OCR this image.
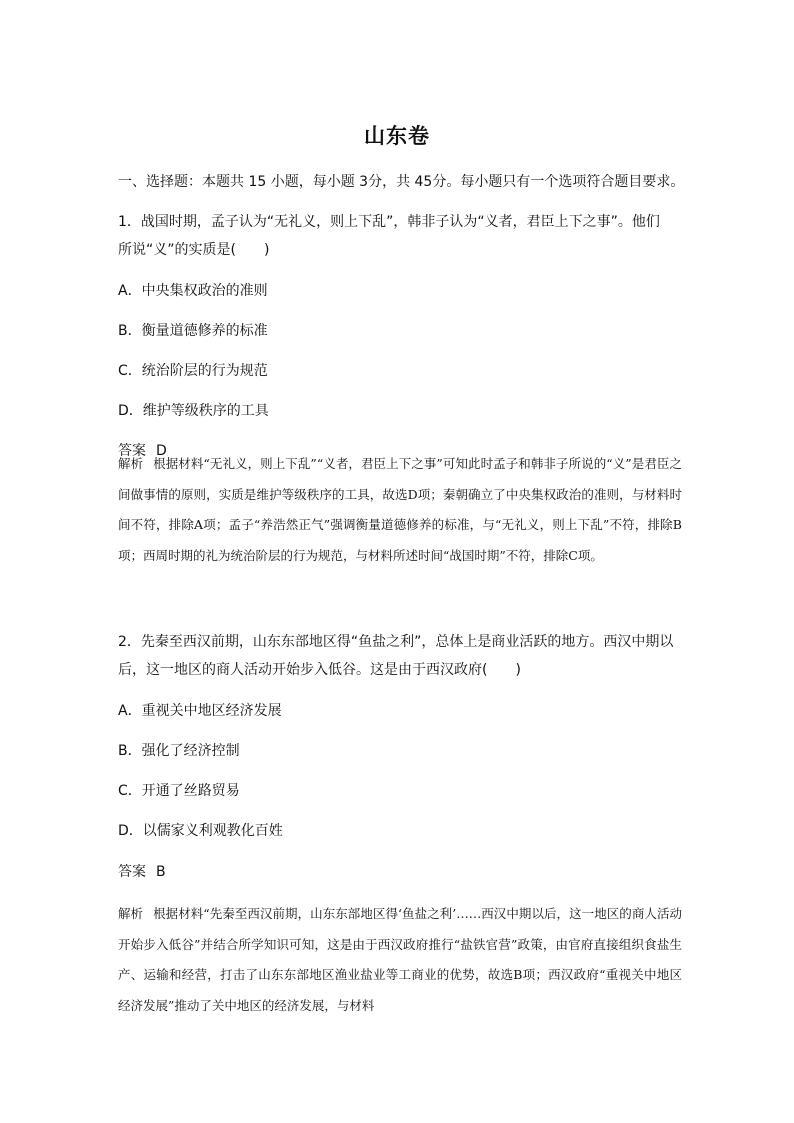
山东卷
一、选择题：本题共 15 小题，每小题 3分，共 45分。每小题只有一个选项符合题目要求。
1．战国时期，孟子认为“无礼义，则上下乱”，韩非子认为“义者，君臣上下之事”。他们
所说“义”的实质是(　　)
A．中央集权政治的准则
B．衡量道德修养的标准
C．统治阶层的行为规范
D．维护等级秩序的工具
答案 D
解析 根据材料“无礼义，则上下乱”“义者，君臣上下之事”可知此时孟子和韩非子所说的“义”是君臣之间做事情的原则，实质是维护等级秩序的工具，故选D项；秦朝确立了中央集权政治的准则，与材料时间不符，排除A项；孟子“养浩然正气”强调衡量道德修养的标准，与“无礼义，则上下乱”不符，排除B项；西周时期的礼为统治阶层的行为规范，与材料所述时间“战国时期”不符，排除C项。
2．先秦至西汉前期，山东东部地区得“鱼盐之利”，总体上是商业活跃的地方。西汉中期以
后，这一地区的商人活动开始步入低谷。这是由于西汉政府(　　)
A．重视关中地区经济发展
B．强化了经济控制
C．开通了丝路贸易
D．以儒家义利观教化百姓
答案 B
解析 根据材料“先秦至西汉前期，山东东部地区得‘鱼盐之利’……西汉中期以后，这一地区的商人活动开始步入低谷”并结合所学知识可知，这是由于西汉政府推行“盐铁官营”政策，由官府直接组织食盐生产、运输和经营，打击了山东东部地区渔业盐业等工商业的优势，故选B项；西汉政府“重视关中地区经济发展”推动了关中地区的经济发展，与材料
